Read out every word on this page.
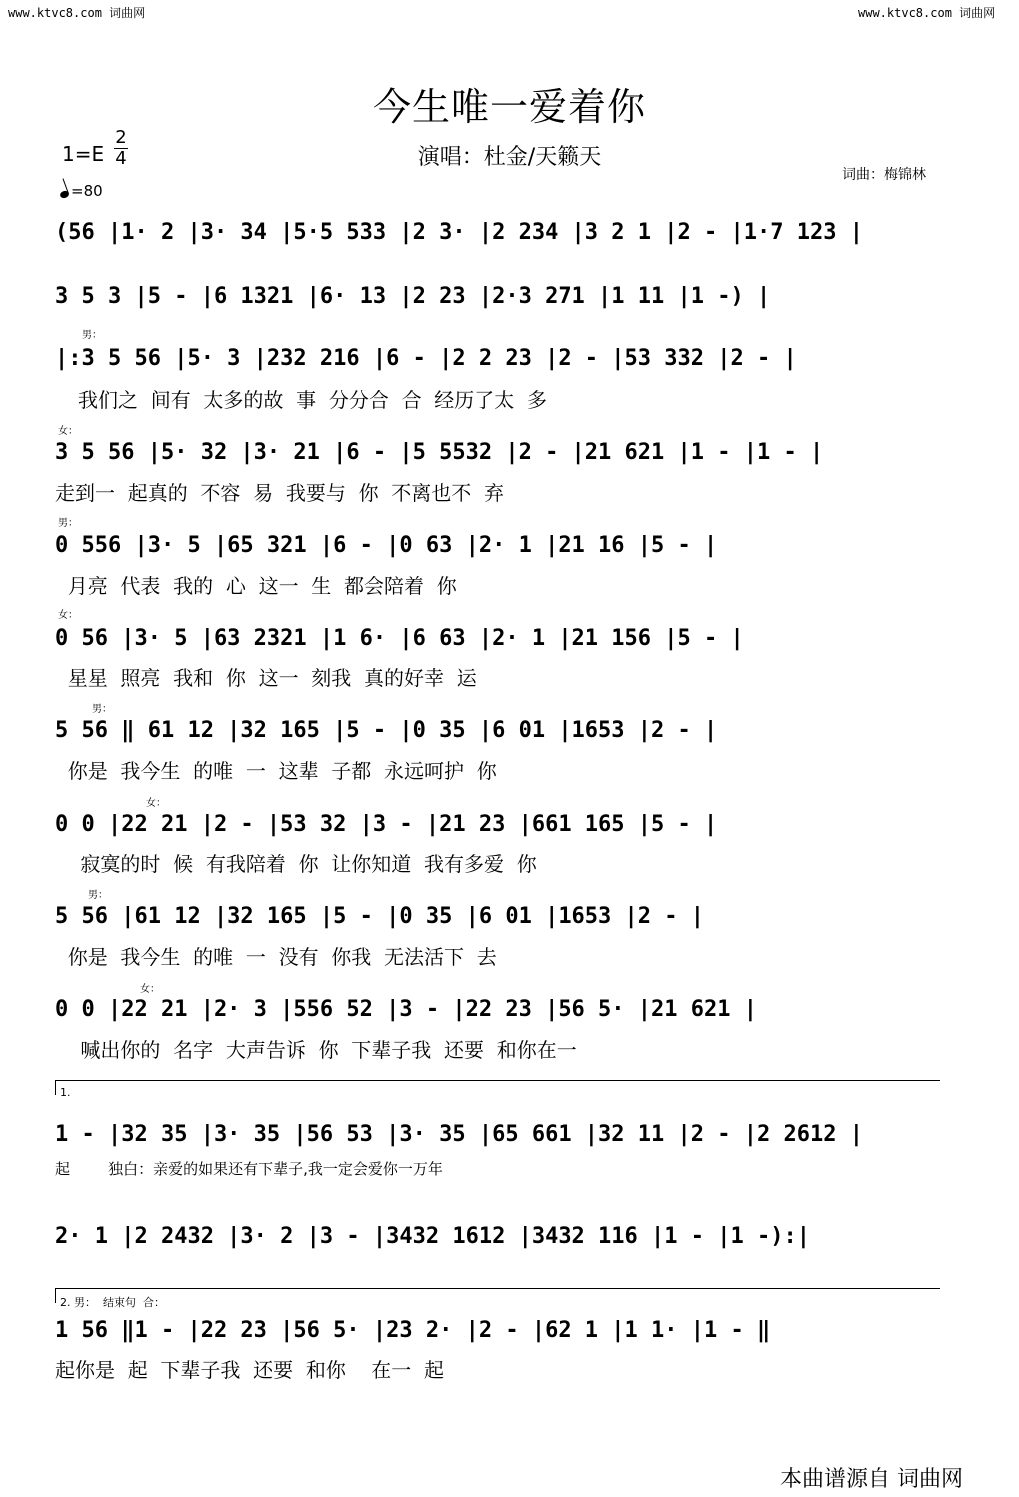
www.ktvc8.com 词曲网	www.ktvc8.com 词曲网
今生唯一爱着你
演唱：杜金/天籁天
1=E
2
4
=80
词曲：梅锦林
(56 |1· 2 |3· 34 |5·5 533 |2 3· |2 234 |3 2 1 |2 - |1·7 123 |
3 5 3 |5 - |6 1321 |6· 13 |2 23 |2·3 271 |1 11 |1 -) |
男：
|:3 5 56 |5· 3 |232 216 |6 - |2 2 23 |2 - |53 332 |2 - |
我们之  间有  太多的故  事  分分合  合  经历了太  多
女：
3 5 56 |5· 32 |3· 21 |6 - |5 5532 |2 - |21 621 |1 - |1 - |
走到一  起真的  不容  易  我要与  你  不离也不  弃
男：
0 556 |3· 5 |65 321 |6 - |0 63 |2· 1 |21 16 |5 - |
月亮  代表  我的  心  这一  生  都会陪着  你
女：
0 56 |3· 5 |63 2321 |1 6· |6 63 |2· 1 |21 156 |5 - |
星星  照亮  我和  你  这一  刻我  真的好幸  运
男：
5 56 ‖ 61 12 |32 165 |5 - |0 35 |6 01 |1653 |2 - |
你是  我今生  的唯  一  这辈  子都  永远呵护  你
女：
0 0 |22 21 |2 - |53 32 |3 - |21 23 |661 165 |5 - |
寂寞的时  候  有我陪着  你  让你知道  我有多爱  你
男：
5 56 |61 12 |32 165 |5 - |0 35 |6 01 |1653 |2 - |
你是  我今生  的唯  一  没有  你我  无法活下  去
女：
0 0 |22 21 |2· 3 |556 52 |3 - |22 23 |56 5· |21 621 |
喊出你的  名字  大声告诉  你  下辈子我  还要  和你在一
1.
1 - |32 35 |3· 35 |56 53 |3· 35 |65 661 |32 11 |2 - |2 2612 |
起        独白：亲爱的如果还有下辈子,我一定会爱你一万年
2· 1 |2 2432 |3· 2 |3 - |3432 1612 |3432 116 |1 - |1 -):|
2. 男：  结束句  合：
1 56 ‖1 - |22 23 |56 5· |23 2· |2 - |62 1 |1 1· |1 - ‖
起你是  起  下辈子我  还要  和你    在一  起
本曲谱源自 词曲网
